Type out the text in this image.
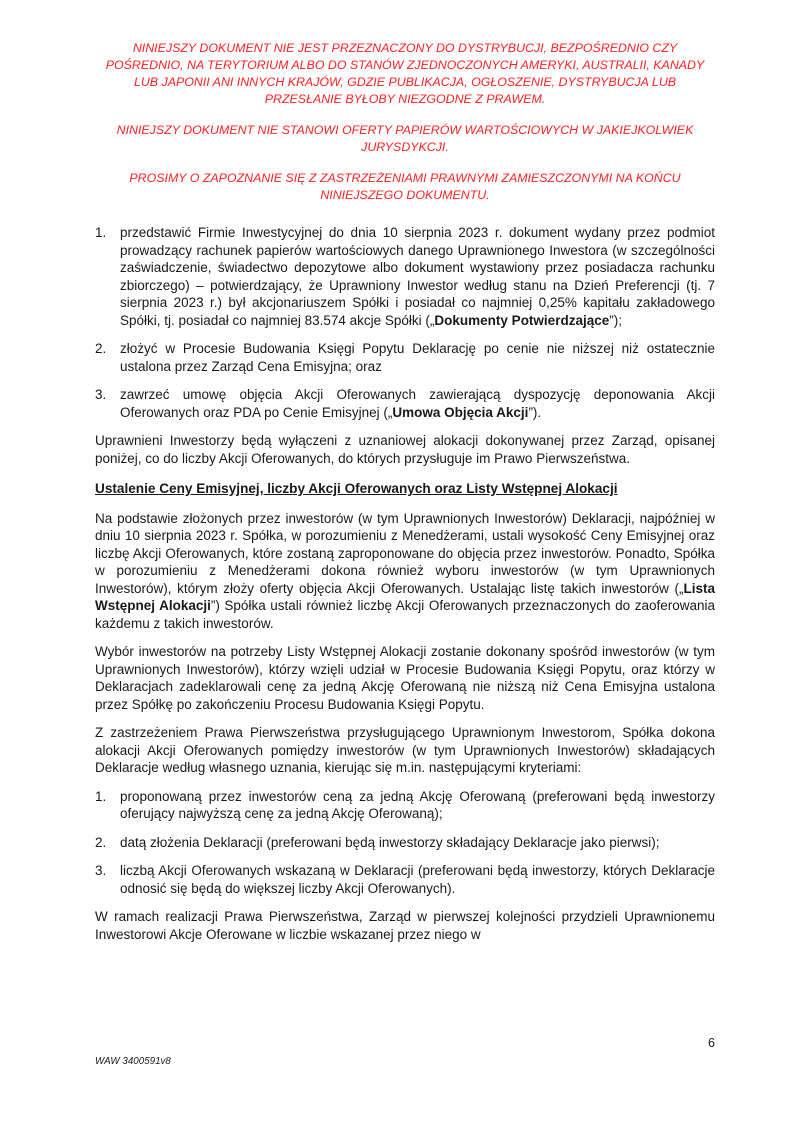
NINIEJSZY DOKUMENT NIE JEST PRZEZNACZONY DO DYSTRYBUCJI, BEZPOŚREDNIO CZY POŚREDNIO, NA TERYTORIUM ALBO DO STANÓW ZJEDNOCZONYCH AMERYKI, AUSTRALII, KANADY LUB JAPONII ANI INNYCH KRAJÓW, GDZIE PUBLIKACJA, OGŁOSZENIE, DYSTRYBUCJA LUB PRZESŁANIE BYŁOBY NIEZGODNE Z PRAWEM.

NINIEJSZY DOKUMENT NIE STANOWI OFERTY PAPIERÓW WARTOŚCIOWYCH W JAKIEJKOLWIEK JURYSDYKCJI.

PROSIMY O ZAPOZNANIE SIĘ Z ZASTRZEŻENIAMI PRAWNYMI ZAMIESZCZONYMI NA KOŃCU NINIEJSZEGO DOKUMENTU.

1.	przedstawić Firmie Inwestycyjnej do dnia 10 sierpnia 2023 r. dokument wydany przez podmiot prowadzący rachunek papierów wartościowych danego Uprawnionego Inwestora (w szczególności zaświadczenie, świadectwo depozytowe albo dokument wystawiony przez posiadacza rachunku zbiorczego) – potwierdzający, że Uprawniony Inwestor według stanu na Dzień Preferencji (tj. 7 sierpnia 2023 r.) był akcjonariuszem Spółki i posiadał co najmniej 0,25% kapitału zakładowego Spółki, tj. posiadał co najmniej 83.574 akcje Spółki („Dokumenty Potwierdzające”);
2.	złożyć w Procesie Budowania Księgi Popytu Deklarację po cenie nie niższej niż ostatecznie ustalona przez Zarząd Cena Emisyjna; oraz
3.	zawrzeć umowę objęcia Akcji Oferowanych zawierającą dyspozycję deponowania Akcji Oferowanych oraz PDA po Cenie Emisyjnej („Umowa Objęcia Akcji”).

Uprawnieni Inwestorzy będą wyłączeni z uznaniowej alokacji dokonywanej przez Zarząd, opisanej poniżej, co do liczby Akcji Oferowanych, do których przysługuje im Prawo Pierwszeństwa.

Ustalenie Ceny Emisyjnej, liczby Akcji Oferowanych oraz Listy Wstępnej Alokacji

Na podstawie złożonych przez inwestorów (w tym Uprawnionych Inwestorów) Deklaracji, najpóźniej w dniu 10 sierpnia 2023 r. Spółka, w porozumieniu z Menedżerami, ustali wysokość Ceny Emisyjnej oraz liczbę Akcji Oferowanych, które zostaną zaproponowane do objęcia przez inwestorów. Ponadto, Spółka w porozumieniu z Menedżerami dokona również wyboru inwestorów (w tym Uprawnionych Inwestorów), którym złoży oferty objęcia Akcji Oferowanych. Ustalając listę takich inwestorów („Lista Wstępnej Alokacji”) Spółka ustali również liczbę Akcji Oferowanych przeznaczonych do zaoferowania każdemu z takich inwestorów.

Wybór inwestorów na potrzeby Listy Wstępnej Alokacji zostanie dokonany spośród inwestorów (w tym Uprawnionych Inwestorów), którzy wzięli udział w Procesie Budowania Księgi Popytu, oraz którzy w Deklaracjach zadeklarowali cenę za jedną Akcję Oferowaną nie niższą niż Cena Emisyjna ustalona przez Spółkę po zakończeniu Procesu Budowania Księgi Popytu.

Z zastrzeżeniem Prawa Pierwszeństwa przysługującego Uprawnionym Inwestorom, Spółka dokona alokacji Akcji Oferowanych pomiędzy inwestorów (w tym Uprawnionych Inwestorów) składających Deklaracje według własnego uznania, kierując się m.in. następującymi kryteriami:

1.	proponowaną przez inwestorów ceną za jedną Akcję Oferowaną (preferowani będą inwestorzy oferujący najwyższą cenę za jedną Akcję Oferowaną);
2.	datą złożenia Deklaracji (preferowani będą inwestorzy składający Deklaracje jako pierwsi);
3.	liczbą Akcji Oferowanych wskazaną w Deklaracji (preferowani będą inwestorzy, których Deklaracje odnosić się będą do większej liczby Akcji Oferowanych).

W ramach realizacji Prawa Pierwszeństwa, Zarząd w pierwszej kolejności przydzieli Uprawnionemu Inwestorowi Akcje Oferowane w liczbie wskazanej przez niego w

6
WAW 3400591v8
